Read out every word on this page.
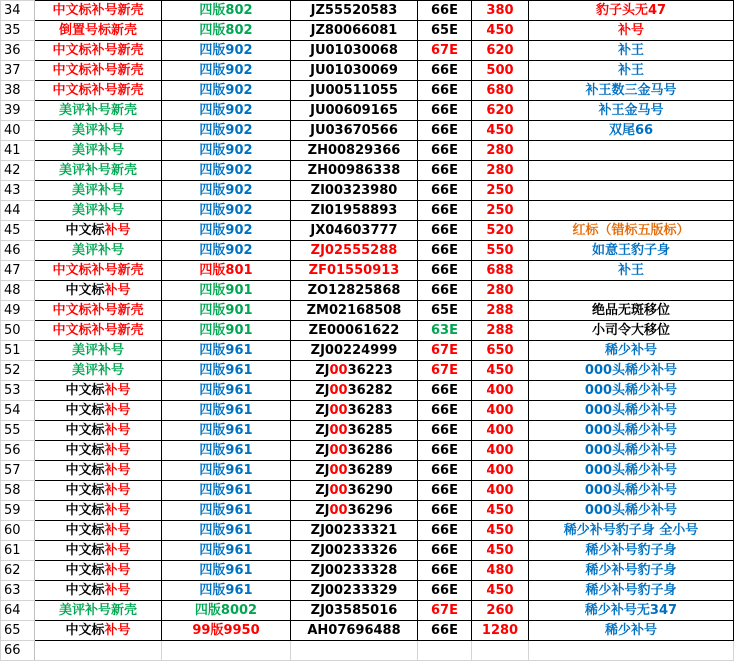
34	中文标补号新壳	四版802	JZ55520583	66E	380	豹子头无47
35	倒置号标新壳	四版802	JZ80066081	65E	450	补号
36	中文标补号新壳	四版902	JU01030068	67E	620	补王
37	中文标补号新壳	四版902	JU01030069	66E	500	补王
38	中文标补号新壳	四版902	JU00511055	66E	680	补王数三金马号
39	美评补号新壳	四版902	JU00609165	66E	620	补王金马号
40	美评补号	四版902	JU03670566	66E	450	双尾66
41	美评补号	四版902	ZH00829366	66E	280	
42	美评补号新壳	四版902	ZH00986338	66E	280	
43	美评补号	四版902	ZI00323980	66E	250	
44	美评补号	四版902	ZI01958893	66E	250	
45	中文标补号	四版902	JX04603777	66E	520	红标（错标五版标）
46	美评补号	四版902	ZJ02555288	66E	550	如意王豹子身
47	中文标补号新壳	四版801	ZF01550913	66E	688	补王
48	中文标补号	四版901	ZO12825868	66E	280	
49	中文标补号新壳	四版901	ZM02168508	65E	288	绝品无斑移位
50	中文标补号新壳	四版901	ZE00061622	63E	288	小司令大移位
51	美评补号	四版961	ZJ00224999	67E	650	稀少补号
52	美评补号	四版961	ZJ0036223	67E	450	000头稀少补号
53	中文标补号	四版961	ZJ0036282	66E	400	000头稀少补号
54	中文标补号	四版961	ZJ0036283	66E	400	000头稀少补号
55	中文标补号	四版961	ZJ0036285	66E	400	000头稀少补号
56	中文标补号	四版961	ZJ0036286	66E	400	000头稀少补号
57	中文标补号	四版961	ZJ0036289	66E	400	000头稀少补号
58	中文标补号	四版961	ZJ0036290	66E	400	000头稀少补号
59	中文标补号	四版961	ZJ0036296	66E	450	000头稀少补号
60	中文标补号	四版961	ZJ00233321	66E	450	稀少补号豹子身 全小号
61	中文标补号	四版961	ZJ00233326	66E	450	稀少补号豹子身
62	中文标补号	四版961	ZJ00233328	66E	480	稀少补号豹子身
63	中文标补号	四版961	ZJ00233329	66E	450	稀少补号豹子身
64	美评补号新壳	四版8002	ZJ03585016	67E	260	稀少补号无347
65	中文标补号	99版9950	AH07696488	66E	1280	稀少补号
66						
